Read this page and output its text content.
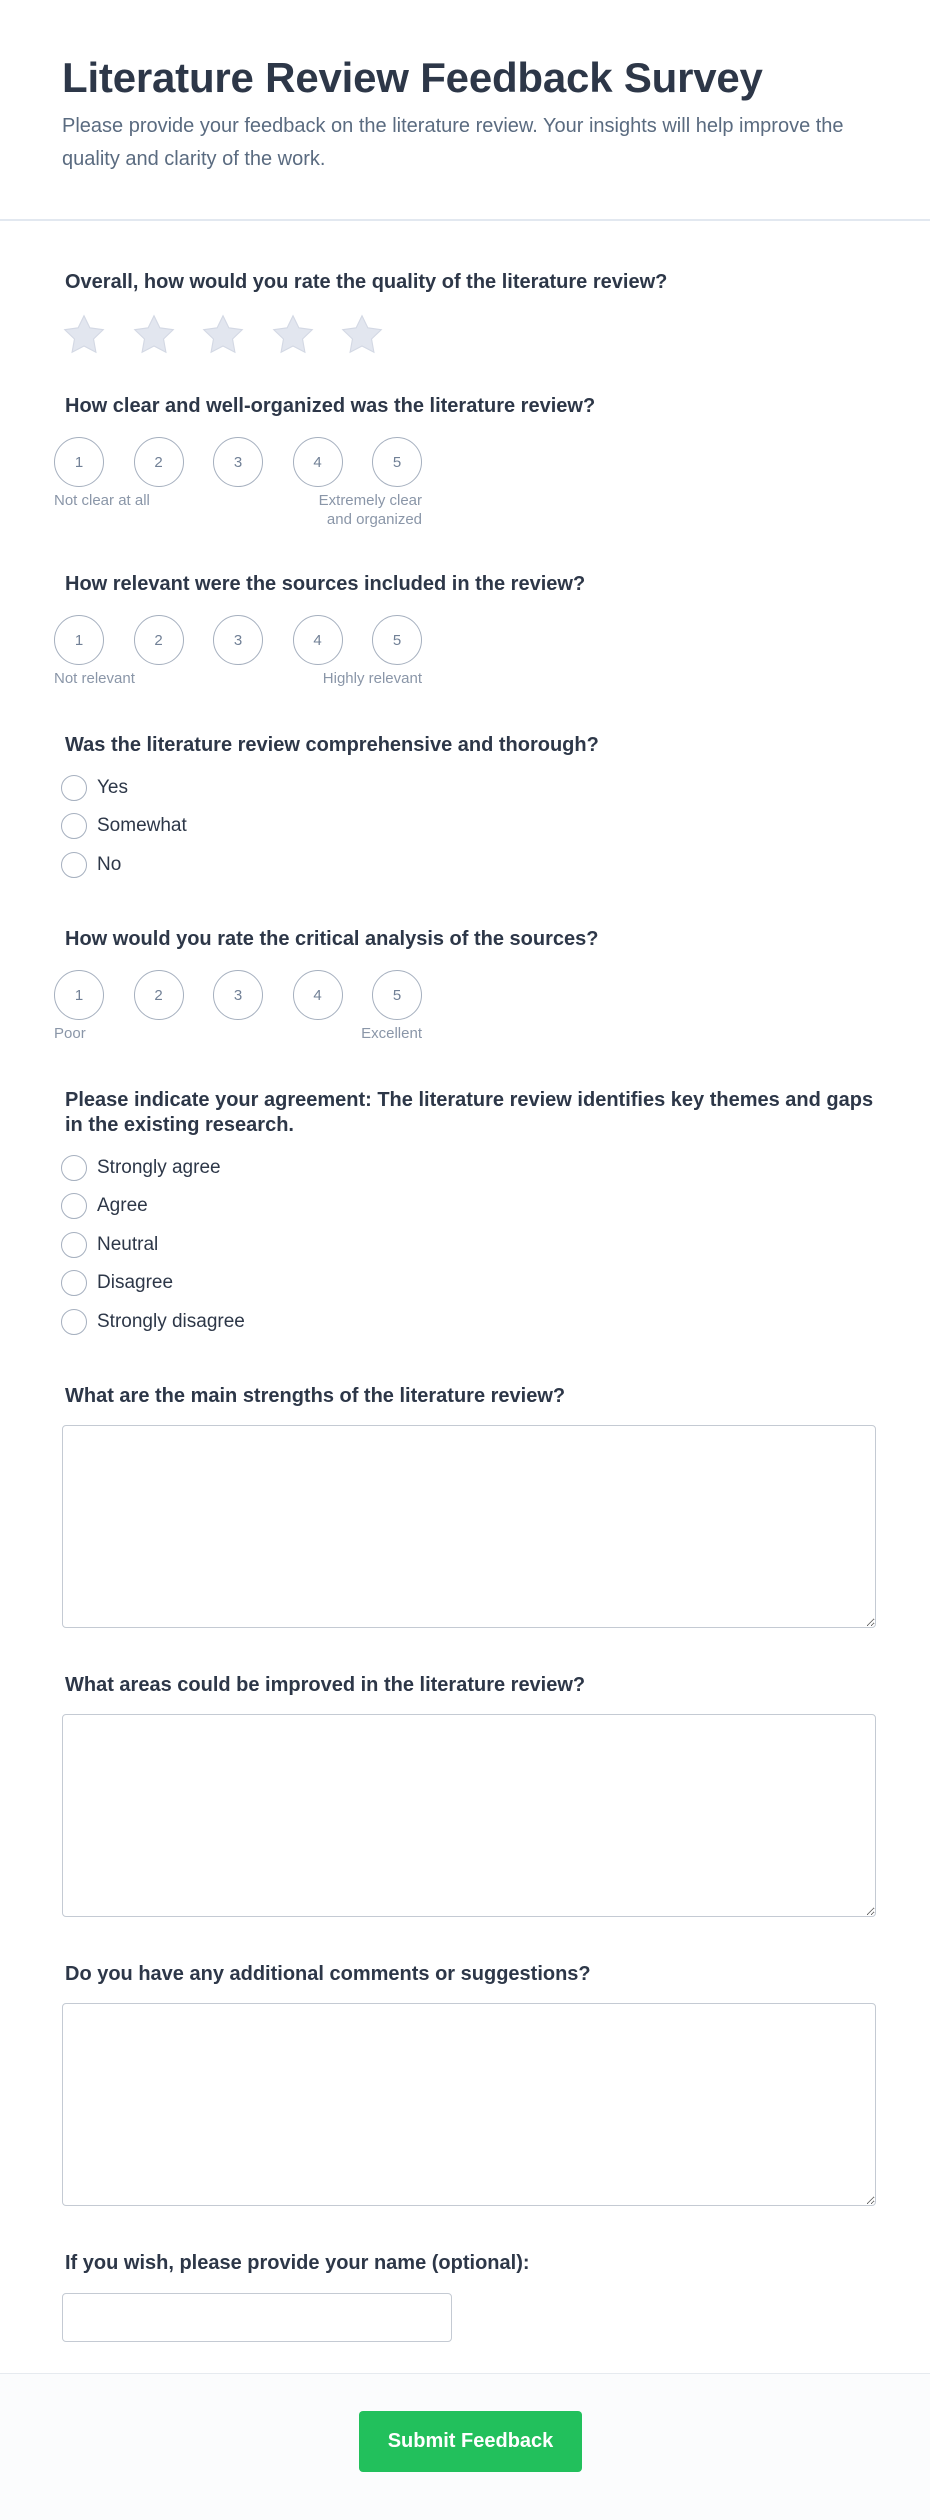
Literature Review Feedback Survey

Please provide your feedback on the literature review. Your insights will help improve the quality and clarity of the work.

Overall, how would you rate the quality of the literature review?
How clear and well-organized was the literature review?
1	2	3	4	5
Not clear at all	Extremely clear
and organized
How relevant were the sources included in the review?
1	2	3	4	5
Not relevant	Highly relevant
Was the literature review comprehensive and thorough?
Yes
Somewhat
No
How would you rate the critical analysis of the sources?
1	2	3	4	5
Poor	Excellent
Please indicate your agreement: The literature review identifies key themes and gaps in the existing research.
Strongly agree
Agree
Neutral
Disagree
Strongly disagree
What are the main strengths of the literature review?
What areas could be improved in the literature review?
Do you have any additional comments or suggestions?
If you wish, please provide your name (optional):
Submit Feedback
